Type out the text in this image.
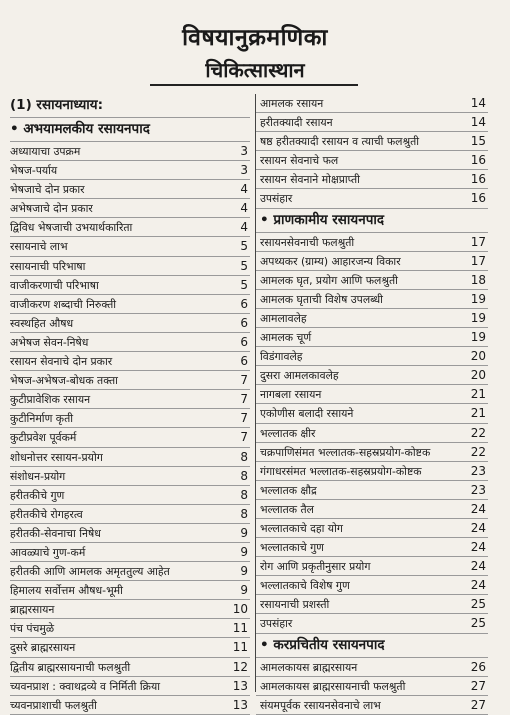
विषयानुक्रमणिका
चिकित्सास्थान
(1) रसायनाध्याय:
• अभयामलकीय रसायनपाद
अध्यायाचा उपक्रम	3
भेषज-पर्याय	3
भेषजाचे दोन प्रकार	4
अभेषजाचे दोन प्रकार	4
द्विविध भेषजाची उभयार्थकारिता	4
रसायनाचे लाभ	5
रसायनाची परिभाषा	5
वाजीकरणाची परिभाषा	5
वाजीकरण शब्दाची निरुक्ती	6
स्वस्थहित औषध	6
अभेषज सेवन-निषेध	6
रसायन सेवनाचे दोन प्रकार	6
भेषज-अभेषज-बोधक तक्ता	7
कुटीप्रावेशिक रसायन	7
कुटीनिर्माण कृती	7
कुटीप्रवेश पूर्वकर्म	7
शोधनोत्तर रसायन-प्रयोग	8
संशोधन-प्रयोग	8
हरीतकीचे गुण	8
हरीतकीचे रोगहरत्व	8
हरीतकी-सेवनाचा निषेध	9
आवळ्याचे गुण-कर्म	9
हरीतकी आणि आमलक अमृततुल्य आहेत	9
हिमालय सर्वोत्तम औषध-भूमी	9
ब्राह्मरसायन	10
पंच पंचमुळे	11
दुसरे ब्राह्मरसायन	11
द्वितीय ब्राह्मरसायनाची फलश्रुती	12
च्यवनप्राश : क्वाथद्रव्ये व निर्मिती क्रिया	13
च्यवनप्राशाची फलश्रुती	13
आमलक रसायन	14
हरीतक्यादी रसायन	14
षष्ठ हरीतक्यादी रसायन व त्याची फलश्रुती	15
रसायन सेवनाचे फल	16
रसायन सेवनाने मोक्षप्राप्ती	16
उपसंहार	16
• प्राणकामीय रसायनपाद
रसायनसेवनाची फलश्रुती	17
अपथ्यकर (ग्राम्य) आहारजन्य विकार	17
आमलक घृत, प्रयोग आणि फलश्रुती	18
आमलक घृताची विशेष उपलब्धी	19
आमलावलेह	19
आमलक चूर्ण	19
विडंगावलेह	20
दुसरा आमलकावलेह	20
नागबला रसायन	21
एकोणीस बलादी रसायने	21
भल्लातक क्षीर	22
चक्रपाणिसंमत भल्लातक-सहस्रप्रयोग-कोष्टक	22
गंगाधरसंमत भल्लातक-सहस्रप्रयोग-कोष्टक	23
भल्लातक क्षौद्र	23
भल्लातक तैल	24
भल्लातकाचे दहा योग	24
भल्लातकाचे गुण	24
रोग आणि प्रकृतीनुसार प्रयोग	24
भल्लातकाचे विशेष गुण	24
रसायनाची प्रशस्ती	25
उपसंहार	25
• करप्रचितीय रसायनपाद
आमलकायस ब्राह्मरसायन	26
आमलकायस ब्राह्मरसायनाची फलश्रुती	27
संयमपूर्वक रसायनसेवनाचे लाभ	27
